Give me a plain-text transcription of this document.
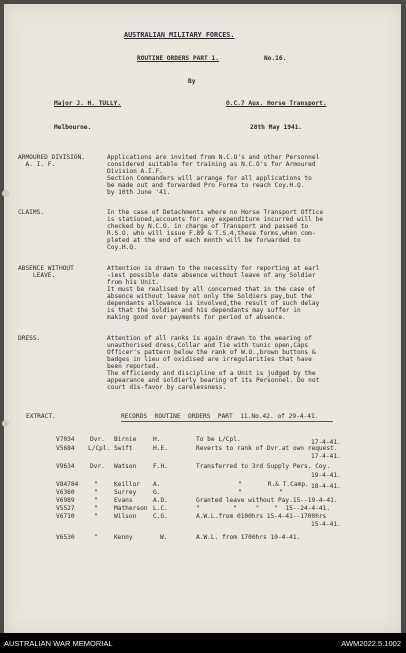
AUSTRALIAN MILITARY FORCES.
ROUTINE ORDERS PART 1.	No.16.
By
Major J. H. TULLY.	O.C.7 Aux. Horse Transport.
Melbourne.	28th May 1941.
ARMOURED DIVISION.
A. I. F.
Applications are invited from N.C.O's and other Personnel
considered suitable for training as N.C.O's for Armoured
Division A.I.F.
Section Commanders will arrange for all applications to
be made out and forwarded Pro Forma to reach Coy.H.Q.
by 10th June '41.
CLAIMS.	In the case of Detachments where no Horse Transport Office
is stationed,accounts for any expenditure incurred will be
checked by N.C.O. in charge of Transport and passed to
R.S.O. who will issue F.89 & T.S.4,these forms,when com-
pleted at the end of each month will be forwarded to
Coy.H.Q.
ABSENCE WITHOUT
LEAVE.
Attention is drawn to the necessity for reporting at earl
-iest possible date absence without leave of any Soldier
from his Unit.
It must be realised by all concerned that in the case of
absence without leave not only the Soldiers pay,but the
dependants allowance is involved,the result of such delay
is that the Soldier and his dependants may suffer in
making good over payments for period of absence.
DRESS.	Attention of all ranks is again drawn to the wearing of
unauthorised dress,Collar and Tie with tunic open,Caps
Officer's pattern below the rank of W.O.,brown buttons &
badges in lieu of oxidised are irregularities that have
been reported.
The efficiendy and discipline of a Unit is judged by the
appearance and soldierly bearing of its Personnel. Do not
court dis-favor by carelessness.
EXTRACT.	RECORDS  ROUTINE  ORDERS  PART  11.No.42. of 29-4-41.
V7034 Dvr. Birnie	H.	To be L/Cpl.	17-4-41.
V5684 L/Cpl. Swift	H.E.	Reverts to rank of Dvr.at own request.
17-4-41.
V9634 Dvr. Watson	F.H.	Transferred to 3rd Supply Pers. Coy.
19-4-41.
V84784	"	Keillor A.	"       R.& T.Camp. 18-4-41.
V6360	"	Surrey	G.	"          "
V6989	"	Evans	A.D.	Granted leave without Pay.15--19-4-41.
V5527	"	Matherson L.C.	"         "     "    "  15--24-4-41.
V6710	"	Wilson	C.G.	A.W.L.from 0100hrs 15-4-41--1700hrs
15-4-41.
V6530	"	Kenny	W.	A.W.L. from 1700hrs 10-4-41.
AUSTRALIAN WAR MEMORIAL	AWM2022.5.1002
